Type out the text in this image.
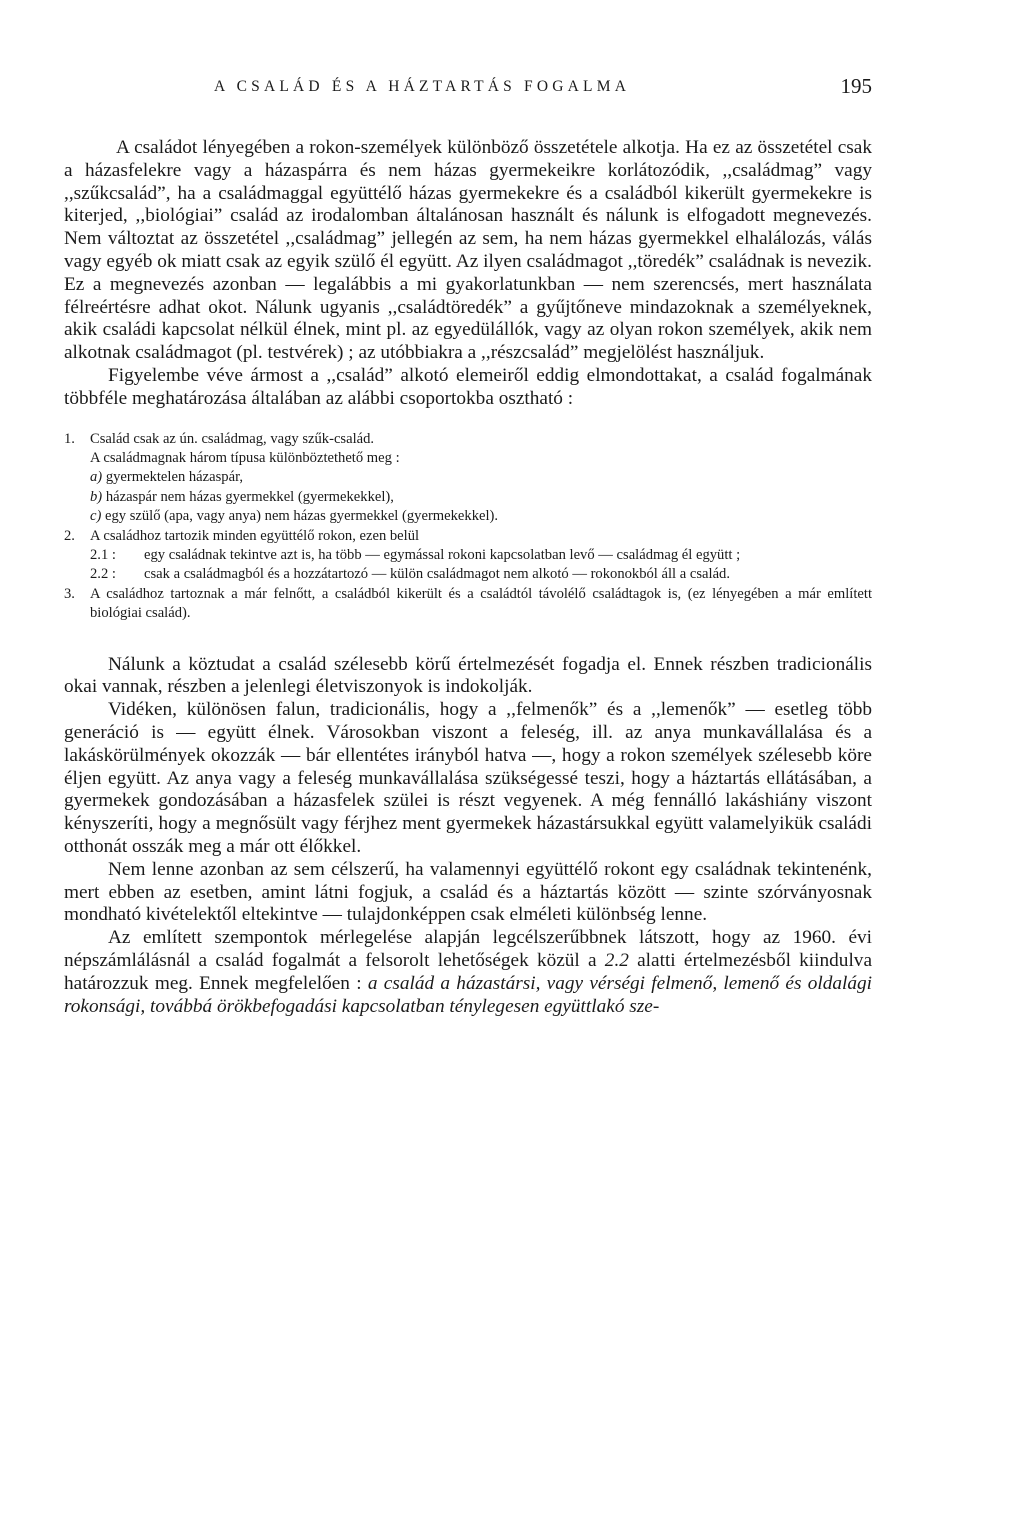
A CSALÁD ÉS A HÁZTARTÁS FOGALMA	195

A családot lényegében a rokon-személyek különböző összetétele alkotja. Ha ez az összetétel csak a házasfelekre vagy a házaspárra és nem házas gyermekeikre korlátozódik, ,,családmag” vagy ,,szűkcsalád”, ha a családmaggal együttélő házas gyermekekre és a családból kikerült gyermekekre is kiterjed, ,,biológiai” család az irodalomban általánosan használt és nálunk is elfogadott megnevezés. Nem változtat az összetétel ,,családmag” jellegén az sem, ha nem házas gyermekkel elhalálozás, válás vagy egyéb ok miatt csak az egyik szülő él együtt. Az ilyen családmagot ,,töredék” családnak is nevezik. Ez a megnevezés azonban — legalábbis a mi gyakorlatunkban — nem szerencsés, mert használata félreértésre adhat okot. Nálunk ugyanis ,,családtöredék” a gyűjtőneve mindazoknak a személyeknek, akik családi kapcsolat nélkül élnek, mint pl. az egyedülállók, vagy az olyan rokon személyek, akik nem alkotnak családmagot (pl. testvérek) ; az utóbbiakra a ,,részcsalád” megjelölést használjuk.

Figyelembe véve ármost a ,,család” alkotó elemeiről eddig elmondottakat, a család fogalmának többféle meghatározása általában az alábbi csoportokba osztható :

1. Család csak az ún. családmag, vagy szűk-család.
A családmagnak három típusa különböztethető meg :
a) gyermektelen házaspár,
b) házaspár nem házas gyermekkel (gyermekekkel),
c) egy szülő (apa, vagy anya) nem házas gyermekkel (gyermekekkel).
2. A családhoz tartozik minden együttélő rokon, ezen belül
2.1 : egy családnak tekintve azt is, ha több — egymással rokoni kapcsolatban levő — családmag él együtt ;
2.2 : csak a családmagból és a hozzátartozó — külön családmagot nem alkotó — rokonokból áll a család.
3. A családhoz tartoznak a már felnőtt, a családból kikerült és a családtól távolélő családtagok is, (ez lényegében a már említett biológiai család).

Nálunk a köztudat a család szélesebb körű értelmezését fogadja el. Ennek részben tradicionális okai vannak, részben a jelenlegi életviszonyok is indokolják.

Vidéken, különösen falun, tradicionális, hogy a ,,felmenők” és a ,,lemenők” — esetleg több generáció is — együtt élnek. Városokban viszont a feleség, ill. az anya munkavállalása és a lakáskörülmények okozzák — bár ellentétes irányból hatva —, hogy a rokon személyek szélesebb köre éljen együtt. Az anya vagy a feleség munkavállalása szükségessé teszi, hogy a háztartás ellátásában, a gyermekek gondozásában a házasfelek szülei is részt vegyenek. A még fennálló lakáshiány viszont kényszeríti, hogy a megnősült vagy férjhez ment gyermekek házastársukkal együtt valamelyikük családi otthonát osszák meg a már ott élőkkel.

Nem lenne azonban az sem célszerű, ha valamennyi együttélő rokont egy családnak tekintenénk, mert ebben az esetben, amint látni fogjuk, a család és a háztartás között — szinte szórványosnak mondható kivételektől eltekintve — tulajdonképpen csak elméleti különbség lenne.

Az említett szempontok mérlegelése alapján legcélszerűbbnek látszott, hogy az 1960. évi népszámlálásnál a család fogalmát a felsorolt lehetőségek közül a 2.2 alatti értelmezésből kiindulva határozzuk meg. Ennek megfelelően : a család a házastársi, vagy vérségi felmenő, lemenő és oldalági rokonsági, továbbá örökbefogadási kapcsolatban ténylegesen együttlakó sze-
